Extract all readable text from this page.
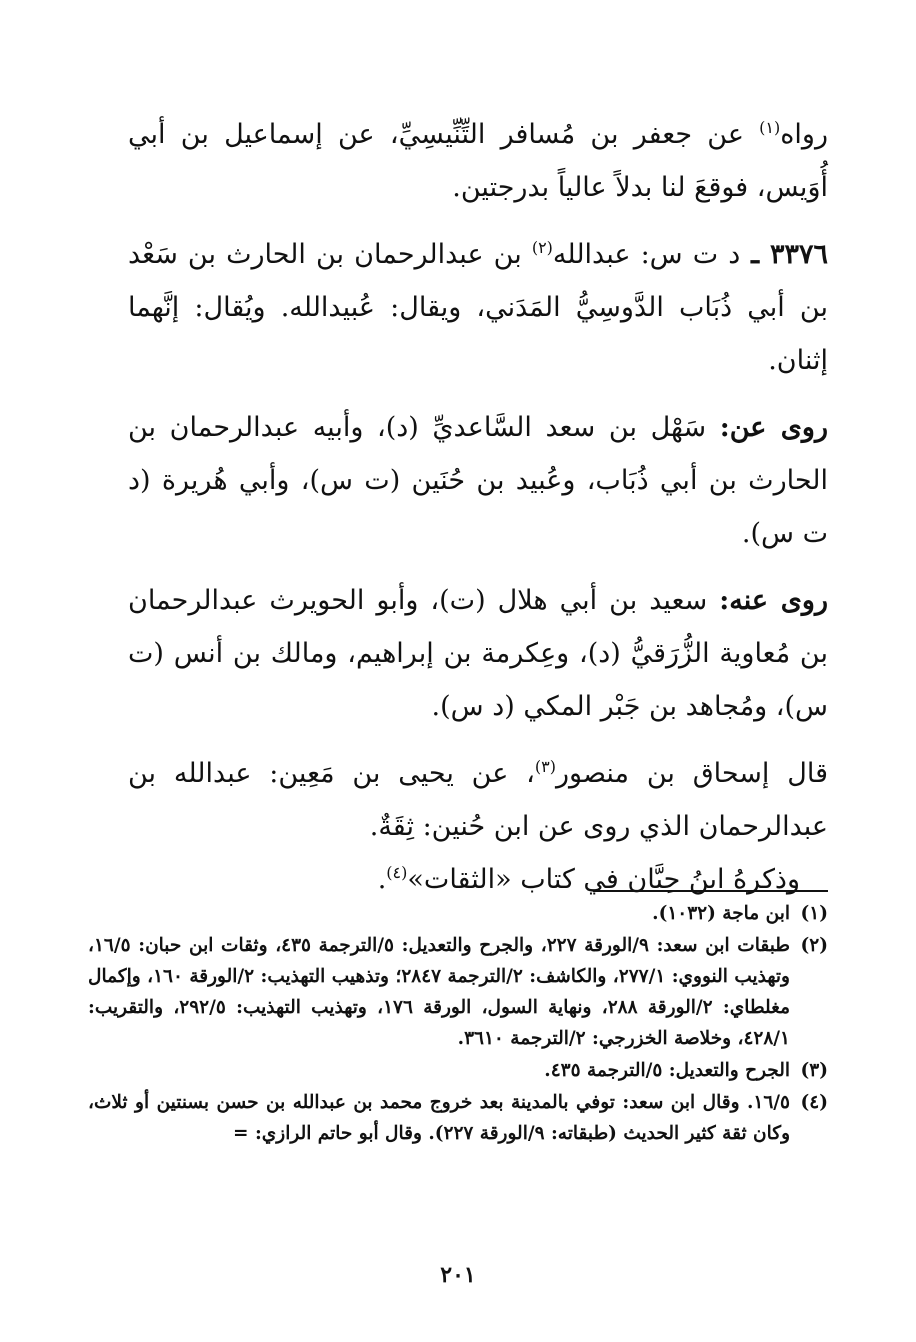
رواه$^{(١)}$ عن جعفر بن مُسافر التِّنِّيسِيِّ، عن إسماعيل بن أبي أُوَيس، فوقعَ لنا بدلاً عالياً بدرجتين.

٣٣٧٦ ـ د ت س: عبدالله$^{(٢)}$ بن عبدالرحمان بن الحارث بن سَعْد بن أبي ذُبَاب الدَّوسِيُّ المَدَني، ويقال: عُبيدالله. ويُقال: إنَّهما إثنان.

روى عن: سَهْل بن سعد السَّاعديِّ (د)، وأبيه عبدالرحمان بن الحارث بن أبي ذُبَاب، وعُبيد بن حُنَين (ت س)، وأبي هُريرة (د ت س).

روى عنه: سعيد بن أبي هلال (ت)، وأبو الحويرث عبدالرحمان بن مُعاوية الزُّرَقيُّ (د)، وعِكرمة بن إبراهيم، ومالك بن أنس (ت س)، ومُجاهد بن جَبْر المكي (د س).

قال إسحاق بن منصور$^{(٣)}$، عن يحيى بن مَعِين: عبدالله بن عبدالرحمان الذي روى عن ابن حُنين: ثِقَةٌ.

وذكرهُ ابنُ حِبَّان في كتاب «الثقات»$^{(٤)}$.

(١)
ابن ماجة (١٠٣٢).
(٢)
طبقات ابن سعد: ٩/الورقة ٢٢٧، والجرح والتعديل: ٥/الترجمة ٤٣٥، وثقات ابن حبان: ١٦/٥، وتهذيب النووي: ٢٧٧/١، والكاشف: ٢/الترجمة ٢٨٤٧؛ وتذهيب التهذيب: ٢/الورقة ١٦٠، وإكمال مغلطاي: ٢/الورقة ٢٨٨، ونهاية السول، الورقة ١٧٦، وتهذيب التهذيب: ٢٩٢/٥، والتقريب: ٤٢٨/١، وخلاصة الخزرجي: ٢/الترجمة ٣٦١٠.
(٣)
الجرح والتعديل: ٥/الترجمة ٤٣٥.
(٤)
١٦/٥. وقال ابن سعد: توفي بالمدينة بعد خروج محمد بن عبدالله بن حسن بسنتين أو ثلاث، وكان ثقة كثير الحديث (طبقاته: ٩/الورقة ٢٢٧). وقال أبو حاتم الرازي: =
٢٠١
